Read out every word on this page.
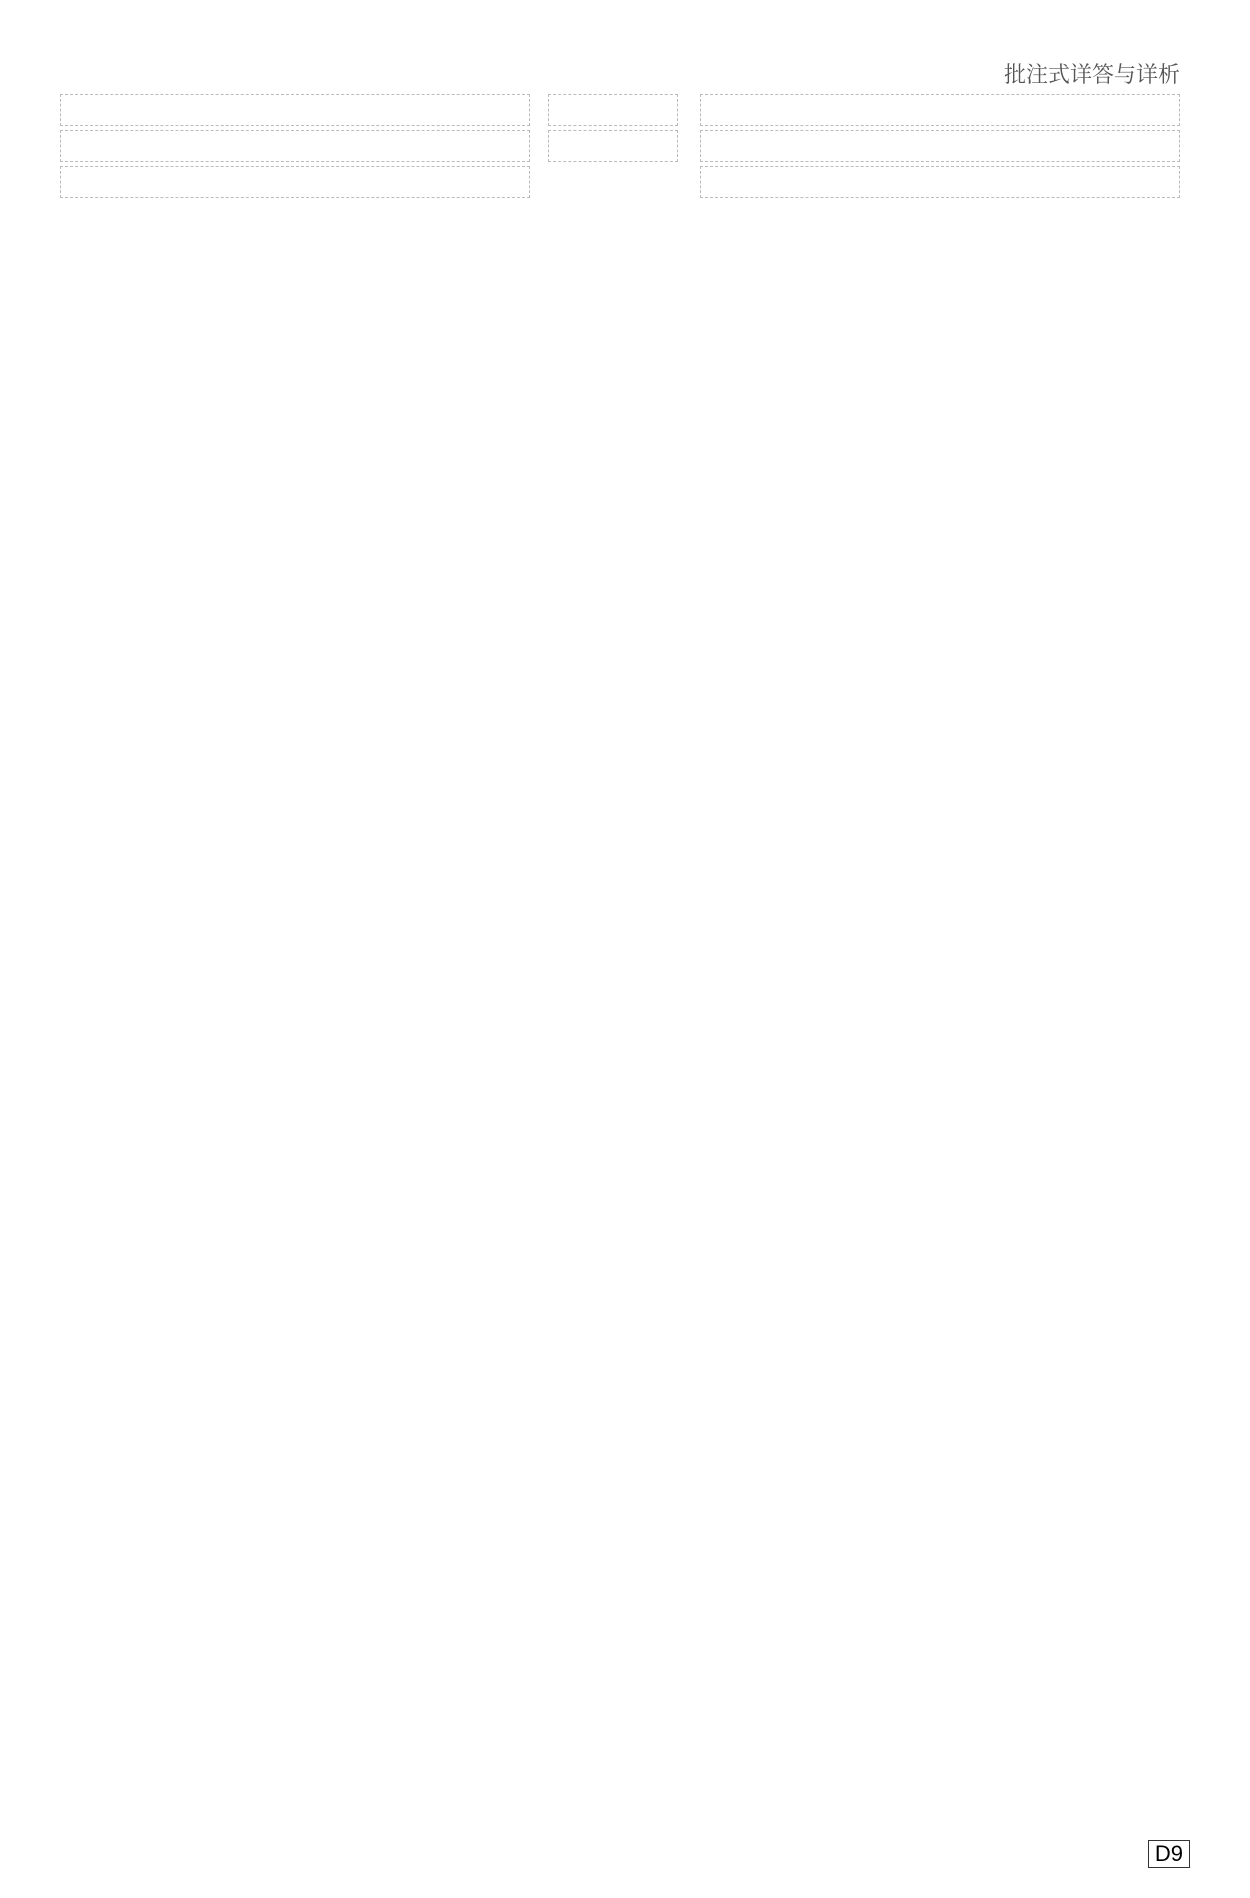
批注式详答与详析
D9
